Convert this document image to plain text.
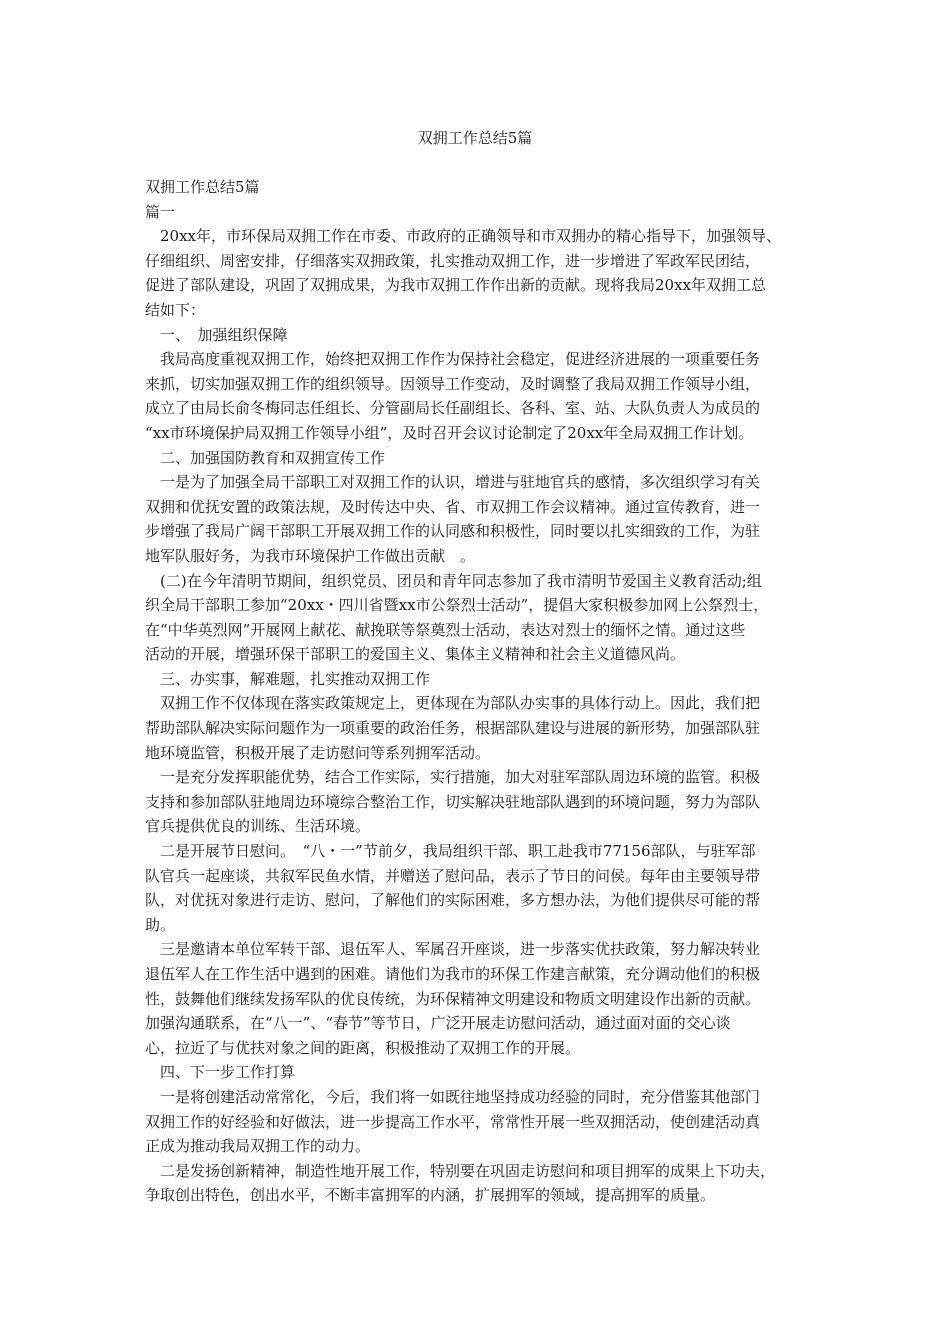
双拥工作总结5篇
双拥工作总结5篇
篇一
20xx年，市环保局双拥工作在市委、市政府的正确领导和市双拥办的精心指导下，加强领导、
仔细组织、周密安排，仔细落实双拥政策，扎实推动双拥工作，进一步增进了军政军民团结，
促进了部队建设，巩固了双拥成果，为我市双拥工作作出新的贡献。现将我局20xx年双拥工总
结如下：
一、　加强组织保障
我局高度重视双拥工作，始终把双拥工作作为保持社会稳定，促进经济进展的一项重要任务
来抓，切实加强双拥工作的组织领导。因领导工作变动，及时调整了我局双拥工作领导小组，
成立了由局长俞冬梅同志任组长、分管副局长任副组长、各科、室、站、大队负责人为成员的
“xx市环境保护局双拥工作领导小组”，及时召开会议讨论制定了20xx年全局双拥工作计划。
二、加强国防教育和双拥宣传工作
一是为了加强全局干部职工对双拥工作的认识，增进与驻地官兵的感情，多次组织学习有关
双拥和优抚安置的政策法规，及时传达中央、省、市双拥工作会议精神。通过宣传教育，进一
步增强了我局广阔干部职工开展双拥工作的认同感和积极性，同时要以扎实细致的工作，为驻
地军队服好务，为我市环境保护工作做出贡献　。
(二)在今年清明节期间，组织党员、团员和青年同志参加了我市清明节爱国主义教育活动;组
织全局干部职工参加“20xx・四川省暨xx市公祭烈士活动”，提倡大家积极参加网上公祭烈士，
在“中华英烈网”开展网上献花、献挽联等祭奠烈士活动，表达对烈士的缅怀之情。通过这些
活动的开展，增强环保干部职工的爱国主义、集体主义精神和社会主义道德风尚。
三、办实事，解难题，扎实推动双拥工作
双拥工作不仅体现在落实政策规定上，更体现在为部队办实事的具体行动上。因此，我们把
帮助部队解决实际问题作为一项重要的政治任务，根据部队建设与进展的新形势，加强部队驻
地环境监管，积极开展了走访慰问等系列拥军活动。
一是充分发挥职能优势，结合工作实际，实行措施，加大对驻军部队周边环境的监管。积极
支持和参加部队驻地周边环境综合整治工作，切实解决驻地部队遇到的环境问题，努力为部队
官兵提供优良的训练、生活环境。
二是开展节日慰问。　“八・一”节前夕，我局组织干部、职工赴我市77156部队，与驻军部
队官兵一起座谈，共叙军民鱼水情，并赠送了慰问品，表示了节日的问侯。每年由主要领导带
队，对优抚对象进行走访、慰问，了解他们的实际困难，多方想办法，为他们提供尽可能的帮
助。
三是邀请本单位军转干部、退伍军人、军属召开座谈，进一步落实优扶政策，努力解决转业
退伍军人在工作生活中遇到的困难。请他们为我市的环保工作建言献策，充分调动他们的积极
性，鼓舞他们继续发扬军队的优良传统，为环保精神文明建设和物质文明建设作出新的贡献。
加强沟通联系，在“八一”、“春节”等节日，广泛开展走访慰问活动，通过面对面的交心谈
心，拉近了与优扶对象之间的距离，积极推动了双拥工作的开展。
四、下一步工作打算
一是将创建活动常常化，今后，我们将一如既往地坚持成功经验的同时，充分借鉴其他部门
双拥工作的好经验和好做法，进一步提高工作水平，常常性开展一些双拥活动，使创建活动真
正成为推动我局双拥工作的动力。
二是发扬创新精神，制造性地开展工作，特别要在巩固走访慰问和项目拥军的成果上下功夫，
争取创出特色，创出水平，不断丰富拥军的内涵，扩展拥军的领域，提高拥军的质量。
